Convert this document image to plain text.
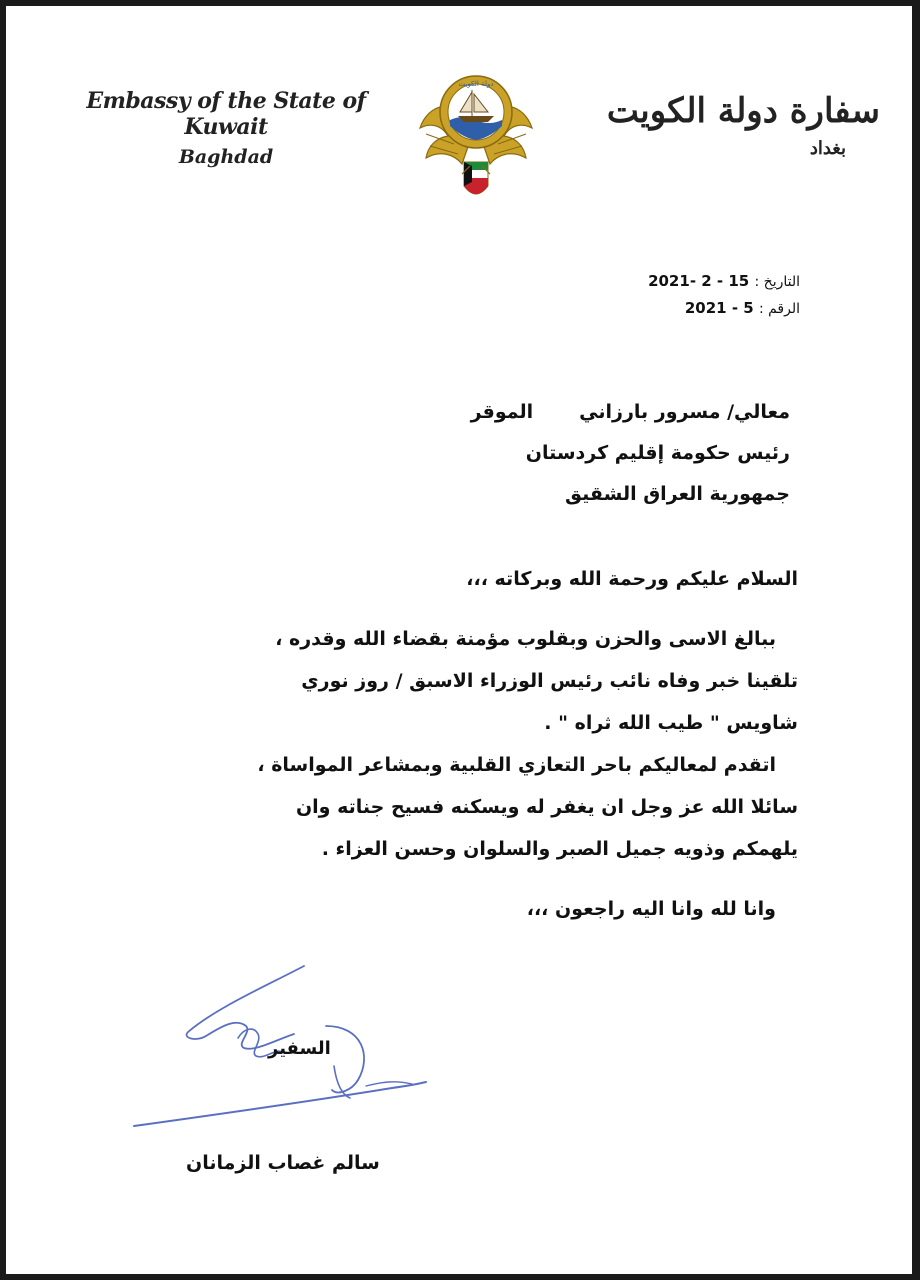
Embassy of the State of Kuwait
Baghdad
دولة الكويت
سفارة دولة الكويت
بغداد
التاريخ : 15 - 2 -2021
الرقم : 5 - 2021
معالي/ مسرور بارزانيالموقر
رئيس حكومة إقليم كردستان
جمهورية العراق الشقيق

السلام عليكم ورحمة الله وبركاته ،،،

ببالغ الاسى والحزن وبقلوب مؤمنة بقضاء الله وقدره ،

تلقينا خبر وفاه نائب رئيس الوزراء الاسبق / روز نوري

شاويس " طيب الله ثراه " .

اتقدم لمعاليكم باحر التعازي القلبية وبمشاعر المواساة ،

سائلا الله عز وجل ان يغفر له ويسكنه فسيح جناته وان

يلهمكم وذويه جميل الصبر والسلوان وحسن العزاء .

وانا لله وانا اليه راجعون ،،،

السفير
سالم غصاب الزمانان
